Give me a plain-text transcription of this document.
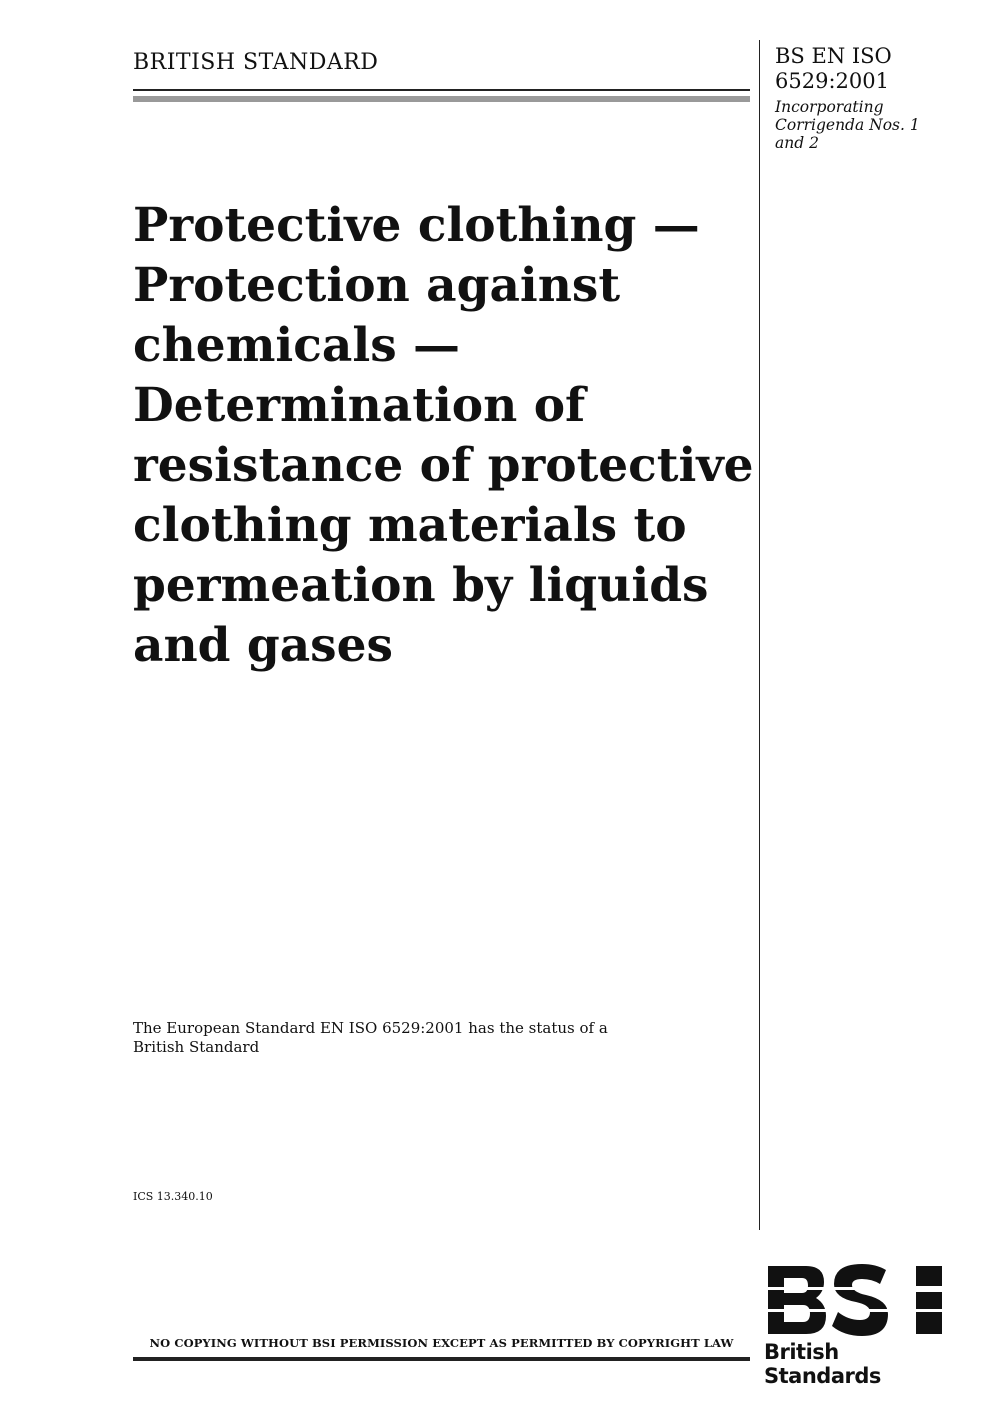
BRITISH STANDARD	BS EN ISO
6529:2001
Incorporating
Corrigenda Nos. 1
and 2
Protective clothing —
Protection against
chemicals —
Determination of
resistance of protective
clothing materials to
permeation by liquids
and gases
The European Standard EN ISO 6529:2001 has the status of a British Standard
ICS 13.340.10
NO COPYING WITHOUT BSI PERMISSION EXCEPT AS PERMITTED BY COPYRIGHT LAW	British Standards
